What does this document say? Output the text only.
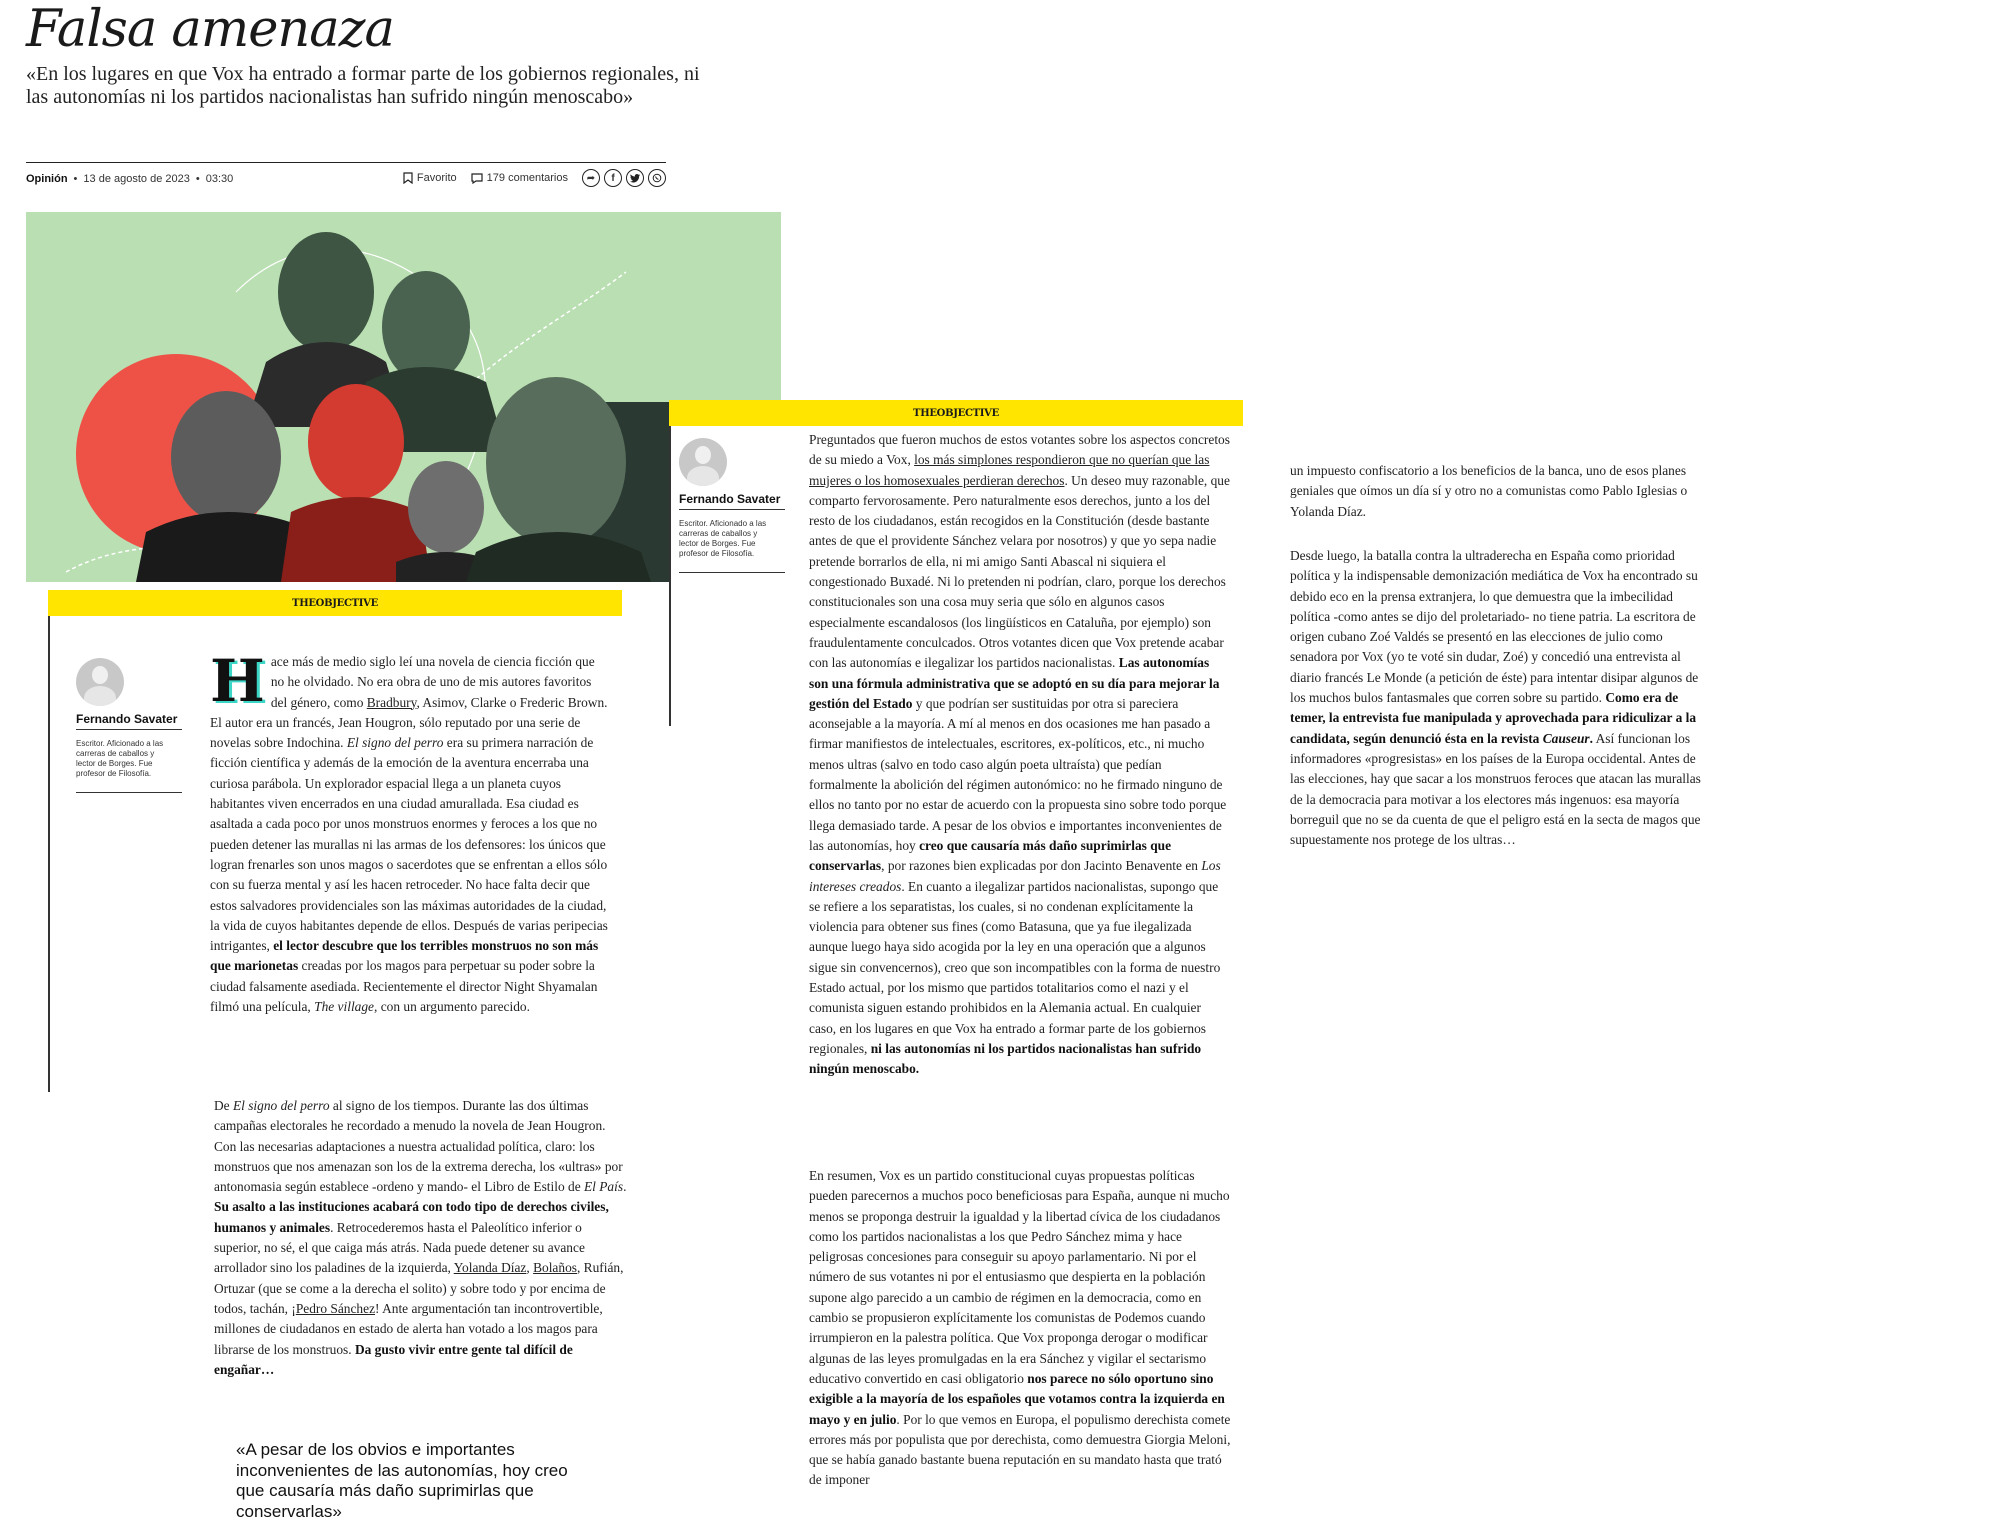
Falsa amenaza
«En los lugares en que Vox ha entrado a formar parte de los gobiernos regionales, ni las autonomías ni los partidos nacionalistas han sufrido ningún menoscabo»
Opinión • 13 de agosto de 2023 • 03:30	Favorito	179 comentarios ➦ f
THEOBJECTIVE
Fernando Savater
Escritor. Aficionado a las carreras de caballos y lector de Borges. Fue profesor de Filosofía.

Preguntados que fueron muchos de estos votantes sobre los aspectos concretos de su miedo a Vox, los más simplones respondieron que no querían que las mujeres o los homosexuales perdieran derechos. Un deseo muy razonable, que comparto fervorosamente. Pero naturalmente esos derechos, junto a los del resto de los ciudadanos, están recogidos en la Constitución (desde bastante antes de que el providente Sánchez velara por nosotros) y que yo sepa nadie pretende borrarlos de ella, ni mi amigo Santi Abascal ni siquiera el congestionado Buxadé. Ni lo pretenden ni podrían, claro, porque los derechos constitucionales son una cosa muy seria que sólo en algunos casos especialmente escandalosos (los lingüísticos en Cataluña, por ejemplo) son fraudulentamente conculcados. Otros votantes dicen que Vox pretende acabar con las autonomías e ilegalizar los partidos nacionalistas. Las autonomías son una fórmula administrativa que se adoptó en su día para mejorar la gestión del Estado y que podrían ser sustituidas por otra si pareciera aconsejable a la mayoría. A mí al menos en dos ocasiones me han pasado a firmar manifiestos de intelectuales, escritores, ex-políticos, etc., ni mucho menos ultras (salvo en todo caso algún poeta ultraísta) que pedían formalmente la abolición del régimen autonómico: no he firmado ninguno de ellos no tanto por no estar de acuerdo con la propuesta sino sobre todo porque llega demasiado tarde. A pesar de los obvios e importantes inconvenientes de las autonomías, hoy creo que causaría más daño suprimirlas que conservarlas, por razones bien explicadas por don Jacinto Benavente en Los intereses creados. En cuanto a ilegalizar partidos nacionalistas, supongo que se refiere a los separatistas, los cuales, si no condenan explícitamente la violencia para obtener sus fines (como Batasuna, que ya fue ilegalizada aunque luego haya sido acogida por la ley en una operación que a algunos sigue sin convencernos), creo que son incompatibles con la forma de nuestro Estado actual, por los mismo que partidos totalitarios como el nazi y el comunista siguen estando prohibidos en la Alemania actual. En cualquier caso, en los lugares en que Vox ha entrado a formar parte de los gobiernos regionales, ni las autonomías ni los partidos nacionalistas han sufrido ningún menoscabo.

En resumen, Vox es un partido constitucional cuyas propuestas políticas pueden parecernos a muchos poco beneficiosas para España, aunque ni mucho menos se proponga destruir la igualdad y la libertad cívica de los ciudadanos como los partidos nacionalistas a los que Pedro Sánchez mima y hace peligrosas concesiones para conseguir su apoyo parlamentario. Ni por el número de sus votantes ni por el entusiasmo que despierta en la población supone algo parecido a un cambio de régimen en la democracia, como en cambio se propusieron explícitamente los comunistas de Podemos cuando irrumpieron en la palestra política. Que Vox proponga derogar o modificar algunas de las leyes promulgadas en la era Sánchez y vigilar el sectarismo educativo convertido en casi obligatorio nos parece no sólo oportuno sino exigible a la mayoría de los españoles que votamos contra la izquierda en mayo y en julio. Por lo que vemos en Europa, el populismo derechista comete errores más por populista que por derechista, como demuestra Giorgia Meloni, que se había ganado bastante buena reputación en su mandato hasta que trató de imponer

THEOBJECTIVE
Fernando Savater
Escritor. Aficionado a las carreras de caballos y lector de Borges. Fue profesor de Filosofía.

Hace más de medio siglo leí una novela de ciencia ficción que no he olvidado. No era obra de uno de mis autores favoritos del género, como Bradbury, Asimov, Clarke o Frederic Brown. El autor era un francés, Jean Hougron, sólo reputado por una serie de novelas sobre Indochina. El signo del perro era su primera narración de ficción científica y además de la emoción de la aventura encerraba una curiosa parábola. Un explorador espacial llega a un planeta cuyos habitantes viven encerrados en una ciudad amurallada. Esa ciudad es asaltada a cada poco por unos monstruos enormes y feroces a los que no pueden detener las murallas ni las armas de los defensores: los únicos que logran frenarles son unos magos o sacerdotes que se enfrentan a ellos sólo con su fuerza mental y así les hacen retroceder. No hace falta decir que estos salvadores providenciales son las máximas autoridades de la ciudad, la vida de cuyos habitantes depende de ellos. Después de varias peripecias intrigantes, el lector descubre que los terribles monstruos no son más que marionetas creadas por los magos para perpetuar su poder sobre la ciudad falsamente asediada. Recientemente el director Night Shyamalan filmó una película, The village, con un argumento parecido.

De El signo del perro al signo de los tiempos. Durante las dos últimas campañas electorales he recordado a menudo la novela de Jean Hougron. Con las necesarias adaptaciones a nuestra actualidad política, claro: los monstruos que nos amenazan son los de la extrema derecha, los «ultras» por antonomasia según establece -ordeno y mando- el Libro de Estilo de El País. Su asalto a las instituciones acabará con todo tipo de derechos civiles, humanos y animales. Retrocederemos hasta el Paleolítico inferior o superior, no sé, el que caiga más atrás. Nada puede detener su avance arrollador sino los paladines de la izquierda, Yolanda Díaz, Bolaños, Rufián, Ortuzar (que se come a la derecha el solito) y sobre todo y por encima de todos, tachán, ¡Pedro Sánchez! Ante argumentación tan incontrovertible, millones de ciudadanos en estado de alerta han votado a los magos para librarse de los monstruos. Da gusto vivir entre gente tal difícil de engañar…

«A pesar de los obvios e importantes inconvenientes de las autonomías, hoy creo que causaría más daño suprimirlas que conservarlas»

un impuesto confiscatorio a los beneficios de la banca, uno de esos planes geniales que oímos un día sí y otro no a comunistas como Pablo Iglesias o Yolanda Díaz.

Desde luego, la batalla contra la ultraderecha en España como prioridad política y la indispensable demonización mediática de Vox ha encontrado su debido eco en la prensa extranjera, lo que demuestra que la imbecilidad política -como antes se dijo del proletariado- no tiene patria. La escritora de origen cubano Zoé Valdés se presentó en las elecciones de julio como senadora por Vox (yo te voté sin dudar, Zoé) y concedió una entrevista al diario francés Le Monde (a petición de éste) para intentar disipar algunos de los muchos bulos fantasmales que corren sobre su partido. Como era de temer, la entrevista fue manipulada y aprovechada para ridiculizar a la candidata, según denunció ésta en la revista Causeur. Así funcionan los informadores «progresistas» en los países de la Europa occidental. Antes de las elecciones, hay que sacar a los monstruos feroces que atacan las murallas de la democracia para motivar a los electores más ingenuos: esa mayoría borreguil que no se da cuenta de que el peligro está en la secta de magos que supuestamente nos protege de los ultras…
